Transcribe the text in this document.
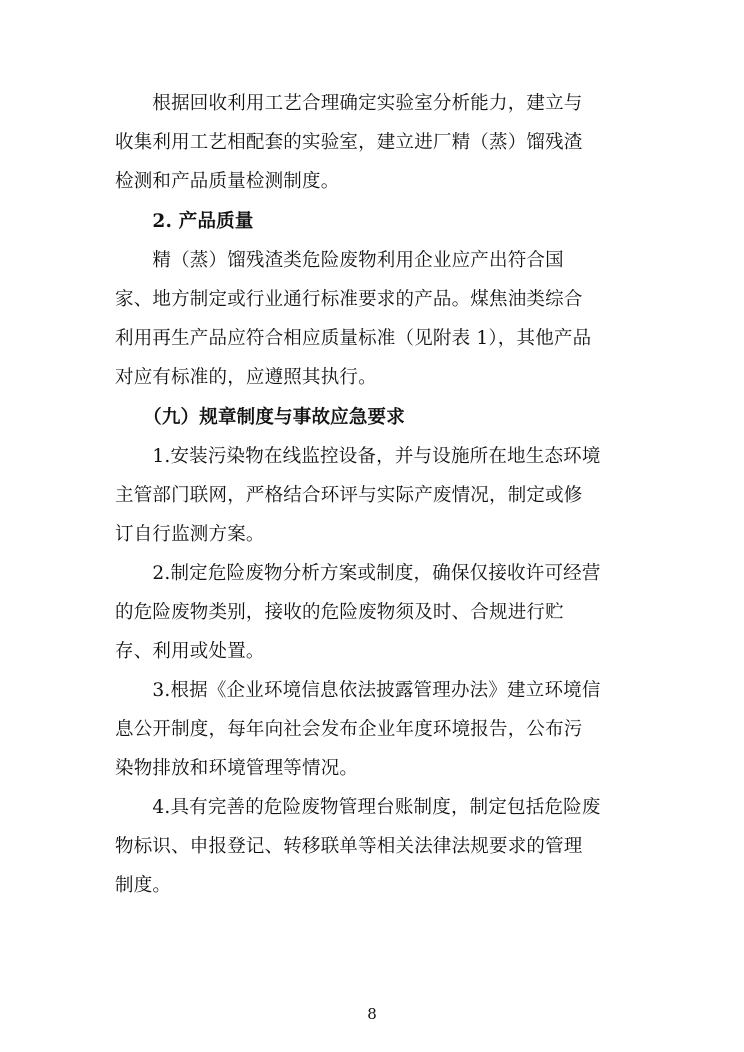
　　根据回收利用工艺合理确定实验室分析能力，建立与
收集利用工艺相配套的实验室，建立进厂精（蒸）馏残渣
检测和产品质量检测制度。
　　2. 产品质量
　　精（蒸）馏残渣类危险废物利用企业应产出符合国
家、地方制定或行业通行标准要求的产品。煤焦油类综合
利用再生产品应符合相应质量标准（见附表 1），其他产品
对应有标准的，应遵照其执行。
　　（九）规章制度与事故应急要求
　　1.安装污染物在线监控设备，并与设施所在地生态环境
主管部门联网，严格结合环评与实际产废情况，制定或修
订自行监测方案。
　　2.制定危险废物分析方案或制度，确保仅接收许可经营
的危险废物类别，接收的危险废物须及时、合规进行贮
存、利用或处置。
　　3.根据《企业环境信息依法披露管理办法》建立环境信
息公开制度，每年向社会发布企业年度环境报告，公布污
染物排放和环境管理等情况。
　　4.具有完善的危险废物管理台账制度，制定包括危险废
物标识、申报登记、转移联单等相关法律法规要求的管理
制度。
8
